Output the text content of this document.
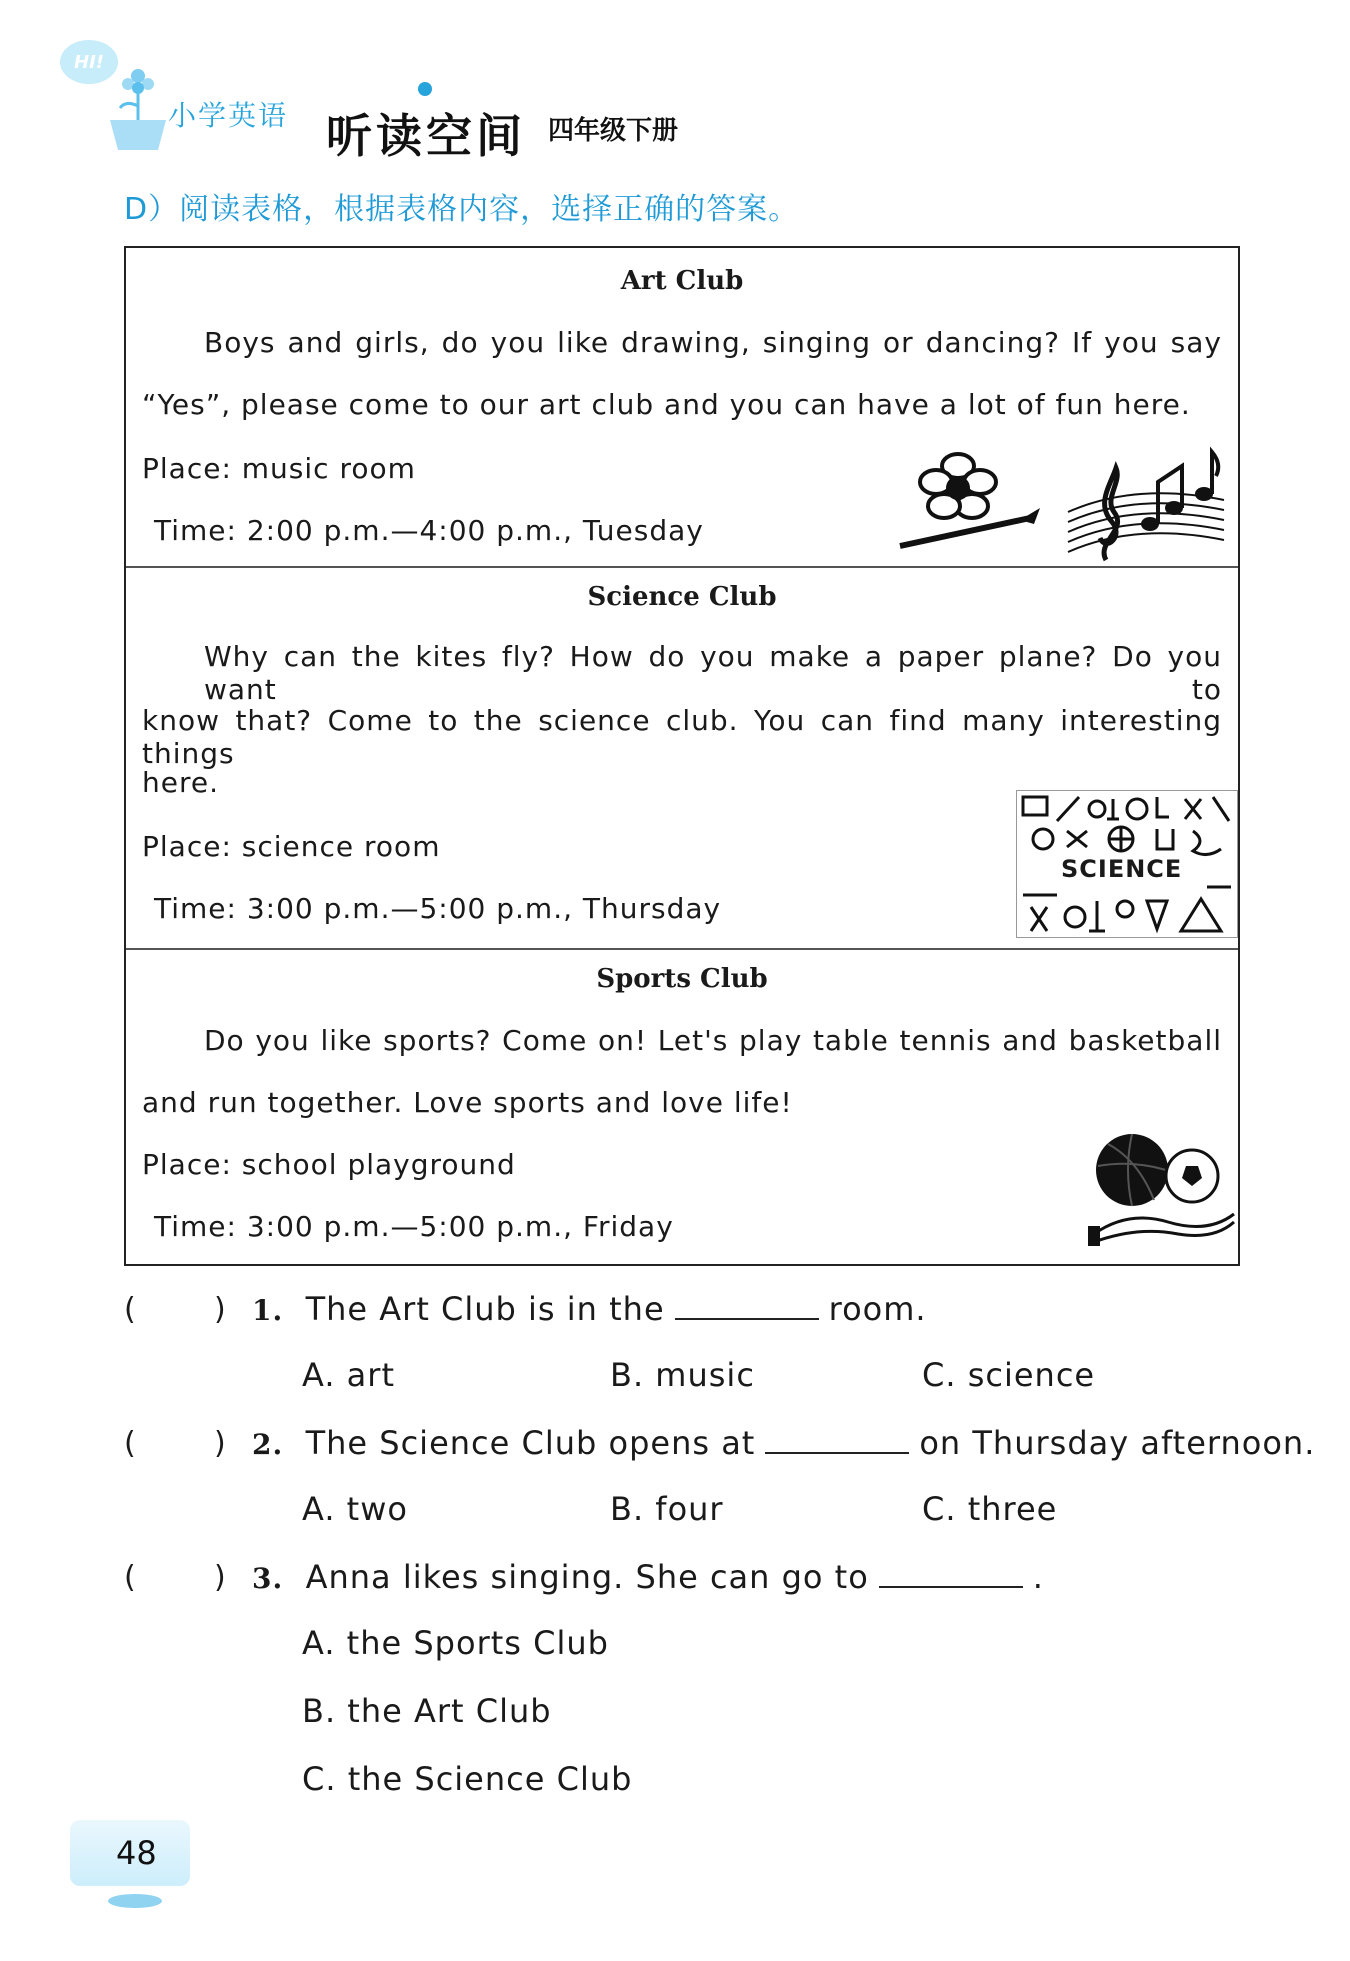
HI!
小学英语 听读空间 四年级下册
D）阅读表格，根据表格内容，选择正确的答案。
Art Club
Boys and girls, do you like drawing, singing or dancing? If you say
“Yes”, please come to our art club and you can have a lot of fun here.
Place: music room
Time: 2:00 p.m.—4:00 p.m., Tuesday
Science Club
Why can the kites fly? How do you make a paper plane? Do you want to
know that? Come to the science club. You can find many interesting things
here.
Place: science room
Time: 3:00 p.m.—5:00 p.m., Thursday
SCIENCE
Sports Club
Do you like sports? Come on! Let's play table tennis and basketball
and run together. Love sports and love life!
Place: school playground
Time: 3:00 p.m.—5:00 p.m., Friday
(	) 1. The Art Club is in the	room.
A. art	B. music	C. science
(	) 2. The Science Club opens at	on Thursday afternoon.
A. two	B. four	C. three
(	) 3. Anna likes singing. She can go to	.
A. the Sports Club
B. the Art Club
C. the Science Club
48
